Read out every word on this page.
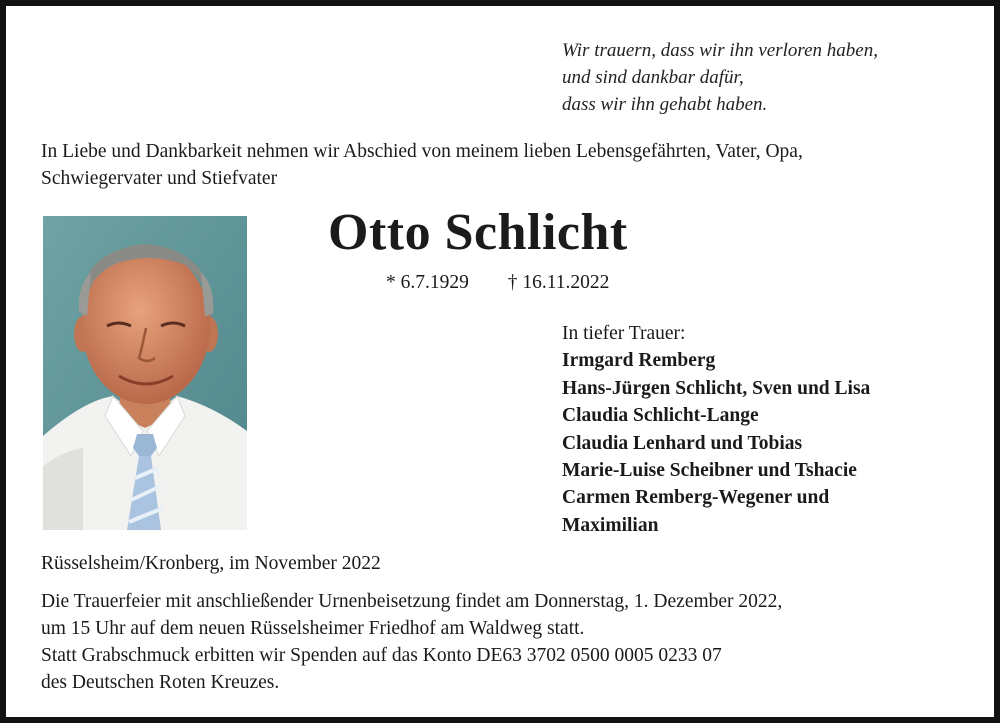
Wir trauern, dass wir ihn verloren haben,
und sind dankbar dafür,
dass wir ihn gehabt haben.
In Liebe und Dankbarkeit nehmen wir Abschied von meinem lieben Lebensgefährten, Vater, Opa,
Schwiegervater und Stiefvater
Otto Schlicht
* 6.7.1929 † 16.11.2022
In tiefer Trauer:
Irmgard Remberg
Hans-Jürgen Schlicht, Sven und Lisa
Claudia Schlicht-Lange
Claudia Lenhard und Tobias
Marie-Luise Scheibner und Tshacie
Carmen Remberg-Wegener und
Maximilian
Rüsselsheim/Kronberg, im November 2022
Die Trauerfeier mit anschließender Urnenbeisetzung findet am Donnerstag, 1. Dezember 2022,
um 15 Uhr auf dem neuen Rüsselsheimer Friedhof am Waldweg statt.
Statt Grabschmuck erbitten wir Spenden auf das Konto DE63 3702 0500 0005 0233 07
des Deutschen Roten Kreuzes.
